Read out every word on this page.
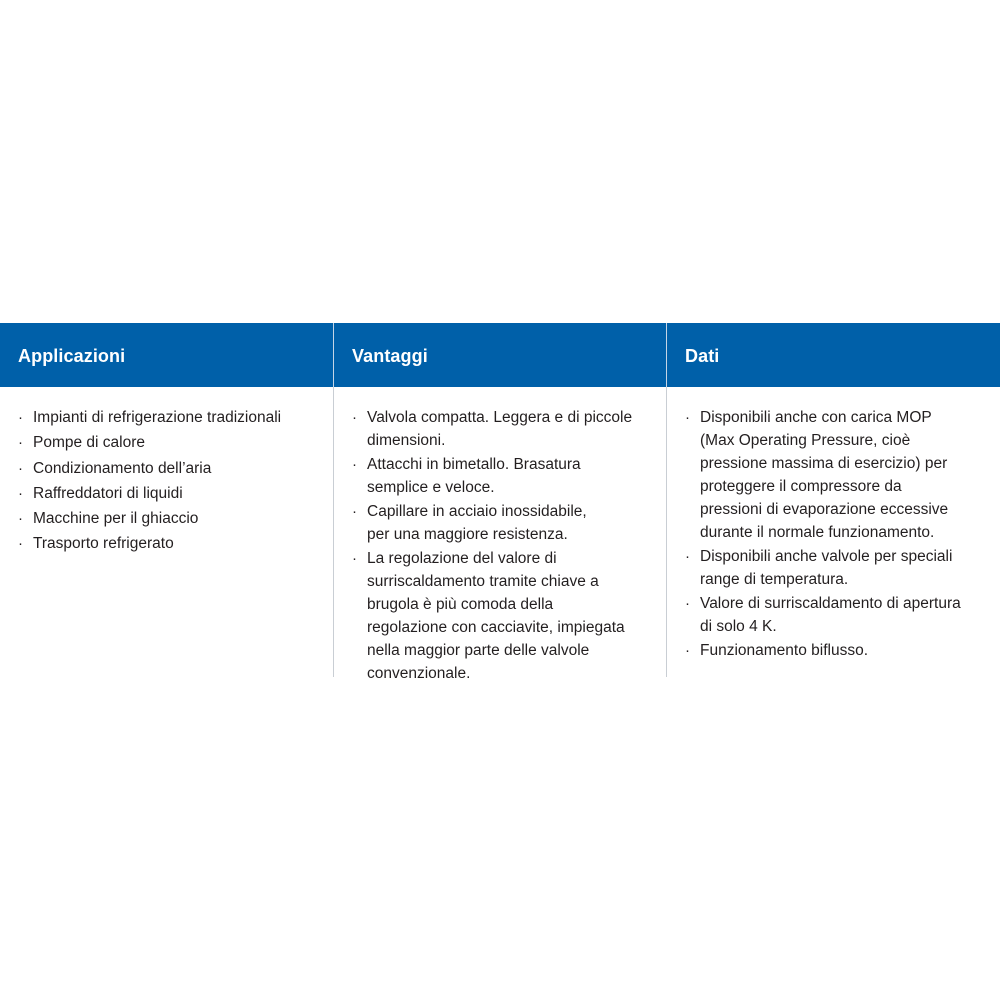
Applicazioni	Vantaggi	Dati
· Impianti di refrigerazione tradizionali
· Pompe di calore
· Condizionamento dell’aria
· Raffreddatori di liquidi
· Macchine per il ghiaccio
· Trasporto refrigerato
· Valvola compatta. Leggera e di piccole
dimensioni.
· Attacchi in bimetallo. Brasatura
semplice e veloce.
· Capillare in acciaio inossidabile,
per una maggiore resistenza.
· La regolazione del valore di
surriscaldamento tramite chiave a
brugola è più comoda della
regolazione con cacciavite, impiegata
nella maggior parte delle valvole
convenzionale.
· Disponibili anche con carica MOP
(Max Operating Pressure, cioè
pressione massima di esercizio) per
proteggere il compressore da
pressioni di evaporazione eccessive
durante il normale funzionamento.
· Disponibili anche valvole per speciali
range di temperatura.
· Valore di surriscaldamento di apertura
di solo 4 K.
· Funzionamento biflusso.
